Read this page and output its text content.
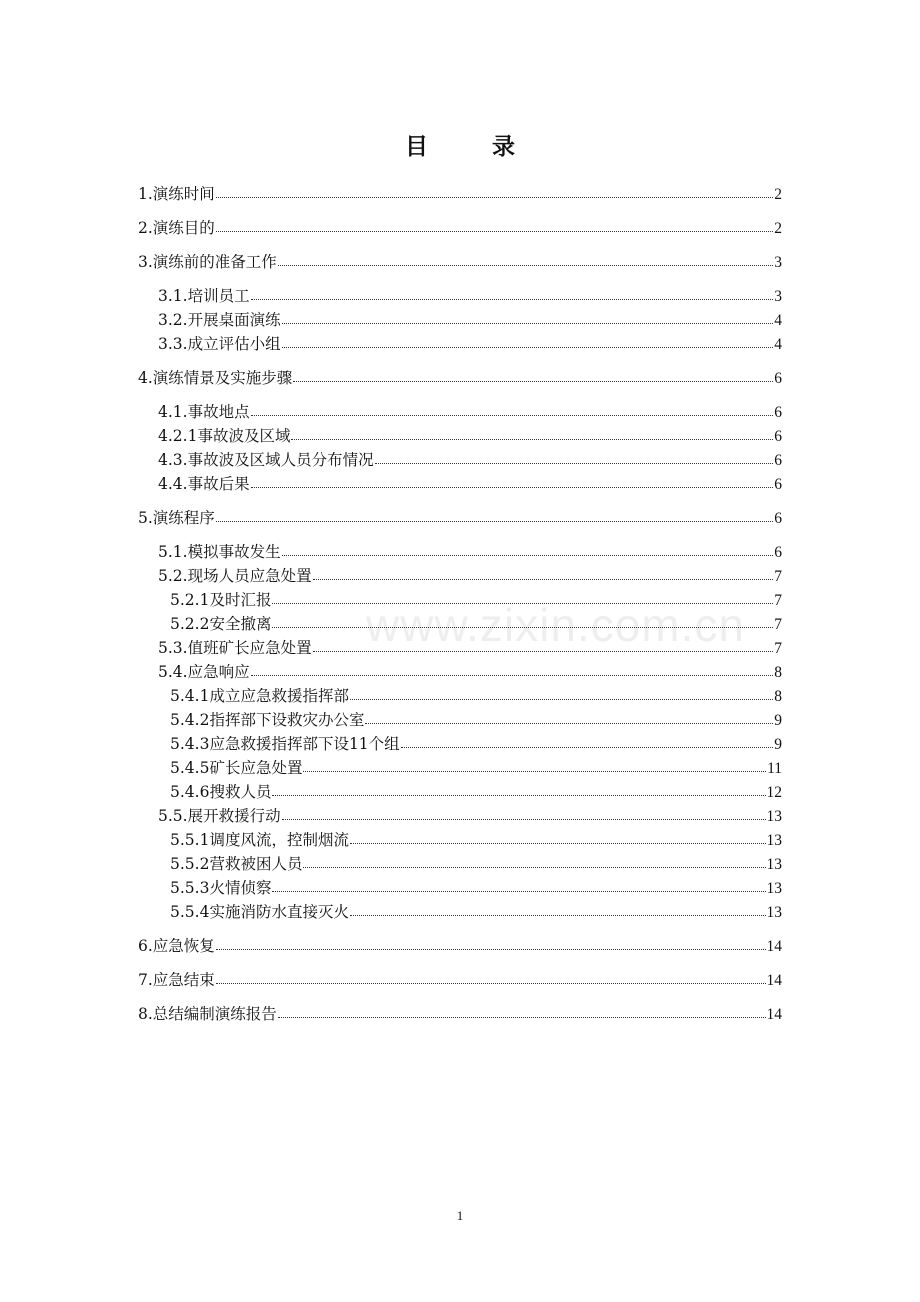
目 录
www.zixin.com.cn
1.演练时间	2
2.演练目的	2
3.演练前的准备工作	3
3.1.培训员工	3
3.2.开展桌面演练	4
3.3.成立评估小组	4
4.演练情景及实施步骤	6
4.1.事故地点	6
4.2.1事故波及区域	6
4.3.事故波及区域人员分布情况	6
4.4.事故后果	6
5.演练程序	6
5.1.模拟事故发生	6
5.2.现场人员应急处置	7
5.2.1及时汇报	7
5.2.2安全撤离	7
5.3.值班矿长应急处置	7
5.4.应急响应	8
5.4.1成立应急救援指挥部	8
5.4.2指挥部下设救灾办公室	9
5.4.3应急救援指挥部下设11个组	9
5.4.5矿长应急处置	11
5.4.6搜救人员	12
5.5.展开救援行动	13
5.5.1调度风流，控制烟流	13
5.5.2营救被困人员	13
5.5.3火情侦察	13
5.5.4实施消防水直接灭火	13
6.应急恢复	14
7.应急结束	14
8.总结编制演练报告	14
1
